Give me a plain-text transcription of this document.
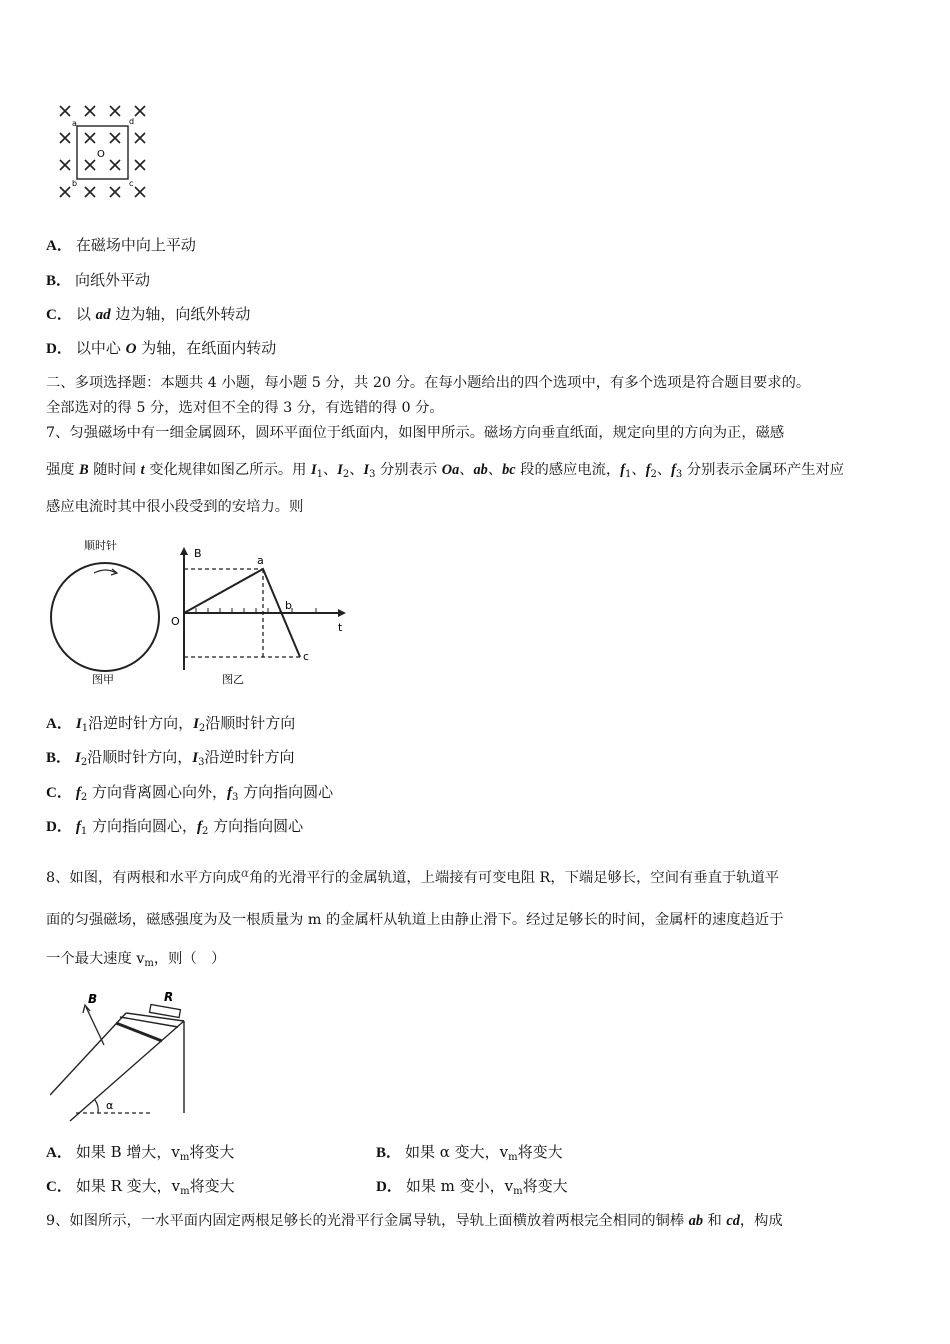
a	d
b	c
O
A． 在磁场中向上平动
B． 向纸外平动
C． 以 ad 边为轴，向纸外转动
D． 以中心 O 为轴，在纸面内转动
二、多项选择题：本题共 4 小题，每小题 5 分，共 20 分。在每小题给出的四个选项中，有多个选项是符合题目要求的。
全部选对的得 5 分，选对但不全的得 3 分，有选错的得 0 分。
7、匀强磁场中有一细金属圆环，圆环平面位于纸面内，如图甲所示。磁场方向垂直纸面，规定向里的方向为正，磁感
强度 B 随时间 t 变化规律如图乙所示。用 $I_1$、$I_2$、$I_3$ 分别表示 Oa、ab、bc 段的感应电流，$f_1$、$f_2$、$f_3$ 分别表示金属环产生对应
感应电流时其中很小段受到的安培力。则
顺时针
图甲
B
t
O
a
b
c
图乙
A． $I_1$沿逆时针方向，$I_2$沿顺时针方向
B． $I_2$沿顺时针方向，$I_3$沿逆时针方向
C． $f_2$ 方向背离圆心向外，$f_3$ 方向指向圆心
D． $f_1$ 方向指向圆心，$f_2$ 方向指向圆心
8、如图，有两根和水平方向成$^\alpha$角的光滑平行的金属轨道，上端接有可变电阻 R，下端足够长，空间有垂直于轨道平
面的匀强磁场，磁感强度为及一根质量为 m 的金属杆从轨道上由静止滑下。经过足够长的时间，金属杆的速度趋近于
一个最大速度 $v_m$，则（　）
B	R
α
A． 如果 B 增大，$v_m$将变大	B． 如果 α 变大，$v_m$将变大
C． 如果 R 变大，$v_m$将变大	D． 如果 m 变小，$v_m$将变大
9、如图所示，一水平面内固定两根足够长的光滑平行金属导轨，导轨上面横放着两根完全相同的铜棒 ab 和 cd，构成
